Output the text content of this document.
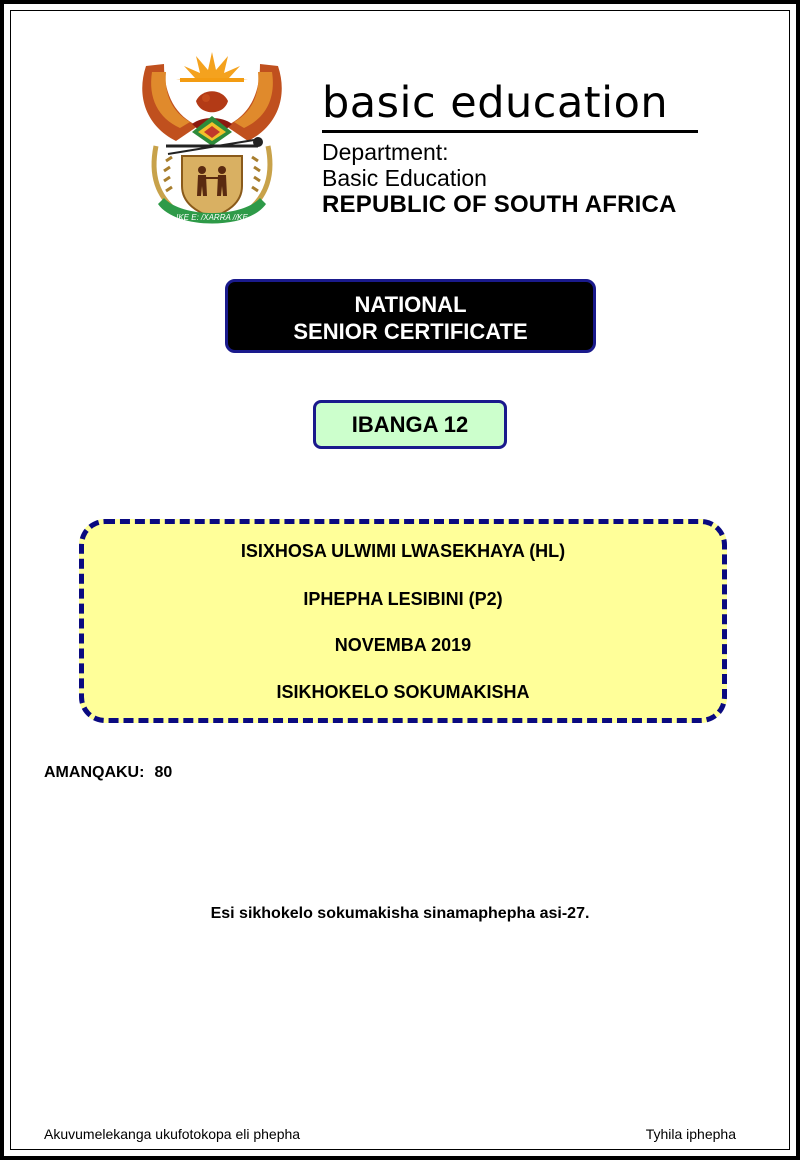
!KE E: /XARRA //KE
basic education
Department:
Basic Education
REPUBLIC OF SOUTH AFRICA
NATIONAL
SENIOR CERTIFICATE
IBANGA 12
ISIXHOSA ULWIMI LWASEKHAYA (HL)
IPHEPHA LESIBINI (P2)
NOVEMBA 2019
ISIKHOKELO SOKUMAKISHA
AMANQAKU: 80
Esi sikhokelo sokumakisha sinamaphepha asi-27.
Akuvumelekanga ukufotokopa eli phepha	Tyhila iphepha
